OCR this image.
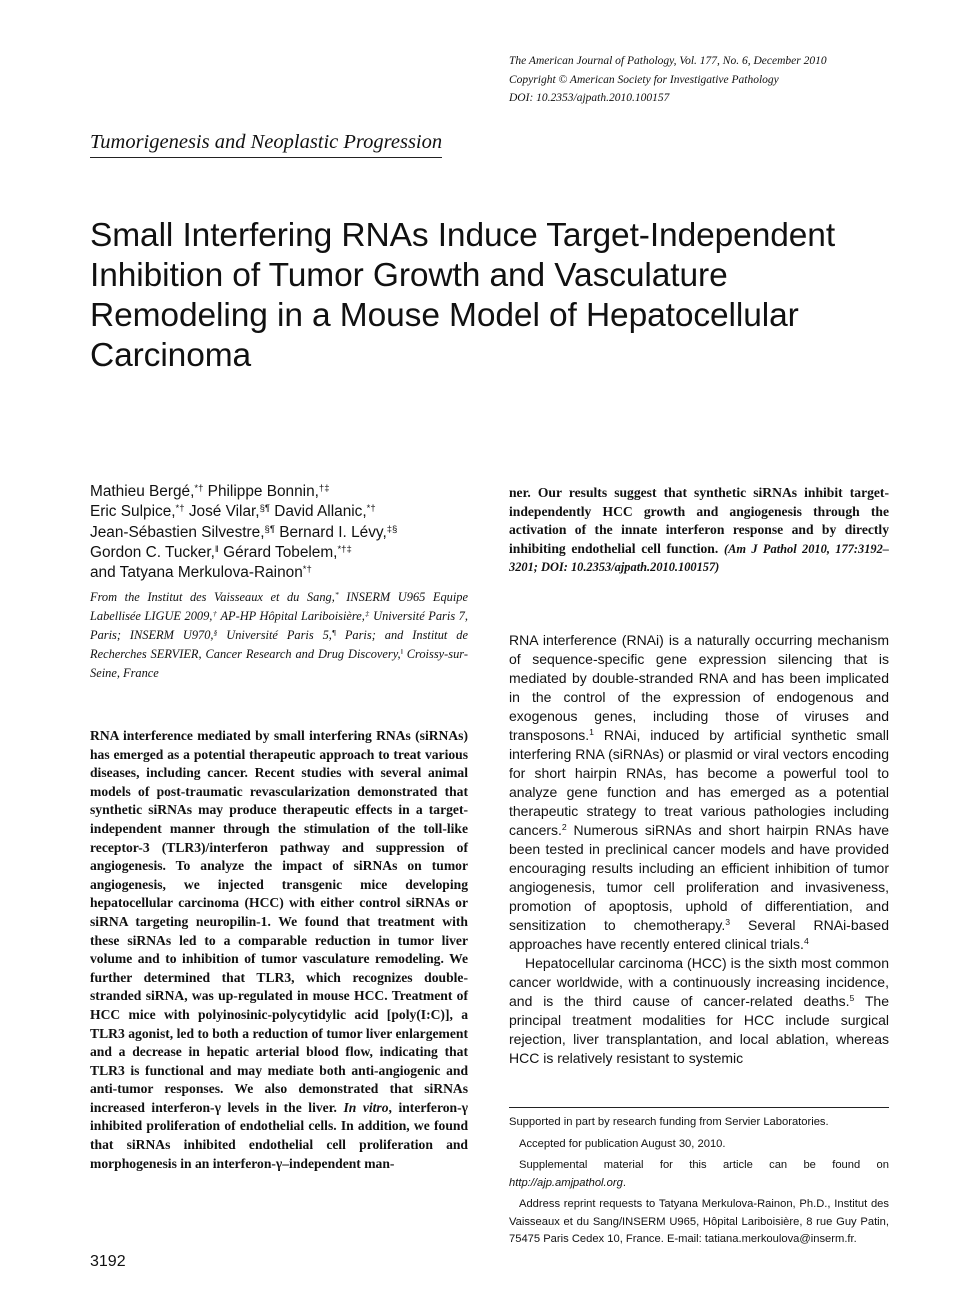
The American Journal of Pathology, Vol. 177, No. 6, December 2010
Copyright © American Society for Investigative Pathology
DOI: 10.2353/ajpath.2010.100157
Tumorigenesis and Neoplastic Progression
Small Interfering RNAs Induce Target-Independent Inhibition of Tumor Growth and Vasculature Remodeling in a Mouse Model of Hepatocellular Carcinoma
Mathieu Bergé,*† Philippe Bonnin,†‡
Eric Sulpice,*† José Vilar,§¶ David Allanic,*†
Jean-Sébastien Silvestre,§¶ Bernard I. Lévy,‡§
Gordon C. Tucker,‖ Gérard Tobelem,*†‡
and Tatyana Merkulova-Rainon*†
From the Institut des Vaisseaux et du Sang,* INSERM U965 Equipe Labellisée LIGUE 2009,† AP-HP Hôpital Lariboisière,‡ Université Paris 7, Paris; INSERM U970,§ Université Paris 5,¶ Paris; and Institut de Recherches SERVIER, Cancer Research and Drug Discovery,‖ Croissy-sur-Seine, France
RNA interference mediated by small interfering RNAs (siRNAs) has emerged as a potential therapeutic approach to treat various diseases, including cancer. Recent studies with several animal models of post-traumatic revascularization demonstrated that synthetic siRNAs may produce therapeutic effects in a target-independent manner through the stimulation of the toll-like receptor-3 (TLR3)/interferon pathway and suppression of angiogenesis. To analyze the impact of siRNAs on tumor angiogenesis, we injected transgenic mice developing hepatocellular carcinoma (HCC) with either control siRNAs or siRNA targeting neuropilin-1. We found that treatment with these siRNAs led to a comparable reduction in tumor liver volume and to inhibition of tumor vasculature remodeling. We further determined that TLR3, which recognizes double-stranded siRNA, was up-regulated in mouse HCC. Treatment of HCC mice with polyinosinic-polycytidylic acid [poly(I:C)], a TLR3 agonist, led to both a reduction of tumor liver enlargement and a decrease in hepatic arterial blood flow, indicating that TLR3 is functional and may mediate both anti-angiogenic and anti-tumor responses. We also demonstrated that siRNAs increased interferon-γ levels in the liver. In vitro, interferon-γ inhibited proliferation of endothelial cells. In addition, we found that siRNAs inhibited endothelial cell proliferation and morphogenesis in an interferon-γ–independent man-
ner. Our results suggest that synthetic siRNAs inhibit target-independently HCC growth and angiogenesis through the activation of the innate interferon response and by directly inhibiting endothelial cell function. (Am J Pathol 2010, 177:3192–3201; DOI: 10.2353/ajpath.2010.100157)

RNA interference (RNAi) is a naturally occurring mechanism of sequence-specific gene expression silencing that is mediated by double-stranded RNA and has been implicated in the control of the expression of endogenous and exogenous genes, including those of viruses and transposons.$^1$ RNAi, induced by artificial synthetic small interfering RNA (siRNAs) or plasmid or viral vectors encoding for short hairpin RNAs, has become a powerful tool to analyze gene function and has emerged as a potential therapeutic strategy to treat various pathologies including cancers.$^2$ Numerous siRNAs and short hairpin RNAs have been tested in preclinical cancer models and have provided encouraging results including an efficient inhibition of tumor angiogenesis, tumor cell proliferation and invasiveness, promotion of apoptosis, uphold of differentiation, and sensitization to chemotherapy.$^3$ Several RNAi-based approaches have recently entered clinical trials.$^4$

Hepatocellular carcinoma (HCC) is the sixth most common cancer worldwide, with a continuously increasing incidence, and is the third cause of cancer-related deaths.$^5$ The principal treatment modalities for HCC include surgical rejection, liver transplantation, and local ablation, whereas HCC is relatively resistant to systemic

Supported in part by research funding from Servier Laboratories.

Accepted for publication August 30, 2010.

Supplemental material for this article can be found on http://ajp.amjpathol.org.

Address reprint requests to Tatyana Merkulova-Rainon, Ph.D., Institut des Vaisseaux et du Sang/INSERM U965, Hôpital Lariboisière, 8 rue Guy Patin, 75475 Paris Cedex 10, France. E-mail: tatiana.merkoulova@inserm.fr.

3192
